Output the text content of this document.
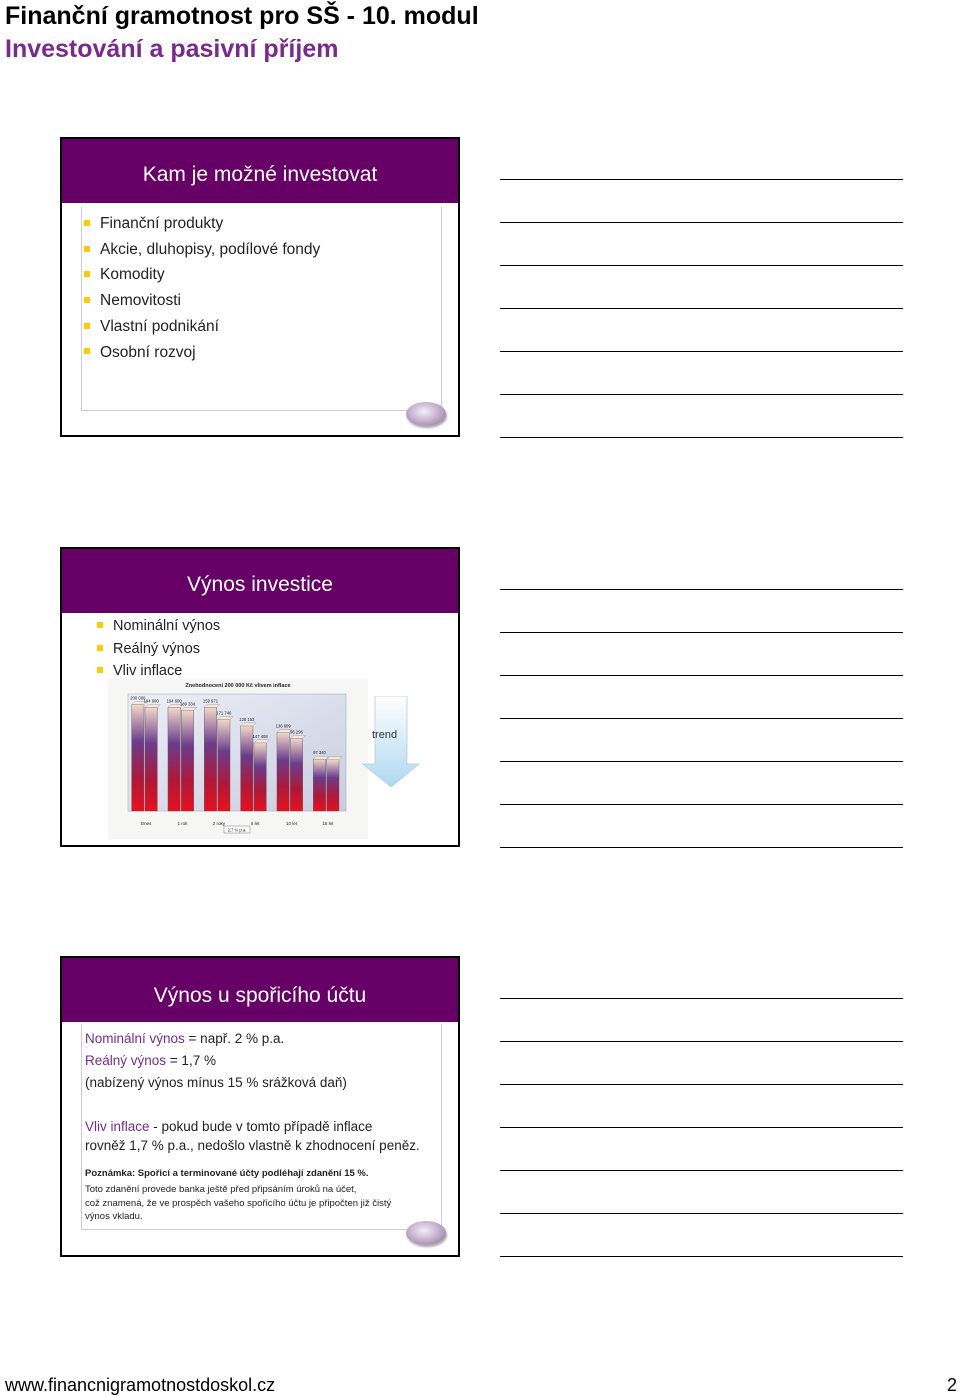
Finanční gramotnost pro SŠ - 10. modul
Investování a pasivní příjem
Kam je možné investovat
Finanční produkty
Akcie, dluhopisy, podílové fondy
Komodity
Nemovitosti
Vlastní podnikání
Osobní rozvoj
Výnos investice
Nominální výnos
Reálný výnos
Vliv inflace
Znehodnocení 200 000 Kč vlivem inflace
Dnes	1 rok	2 roky	5 let	10 let	15 let
200 000
194 600 194 600
189 334
159 971
171 746
128 153
147 408
136 609
96 296
97 340
2,7 % p.a.
trend
Výnos u spořicího účtu
Nominální výnos = např. 2 % p.a.
Reálný výnos = 1,7 %
(nabízený výnos mínus 15 % srážková daň)
Vliv inflace - pokud bude v tomto případě inflace
rovněž 1,7 % p.a., nedošlo vlastně k zhodnocení peněz.
Poznámka: Spořicí a terminované účty podléhají zdanění 15 %.
Toto zdanění provede banka ještě před připsáním úroků na účet,
což znamená, že ve prospěch vašeho spořicího účtu je připočten již čistý
výnos vkladu.
www.financnigramotnostdoskol.cz	2
